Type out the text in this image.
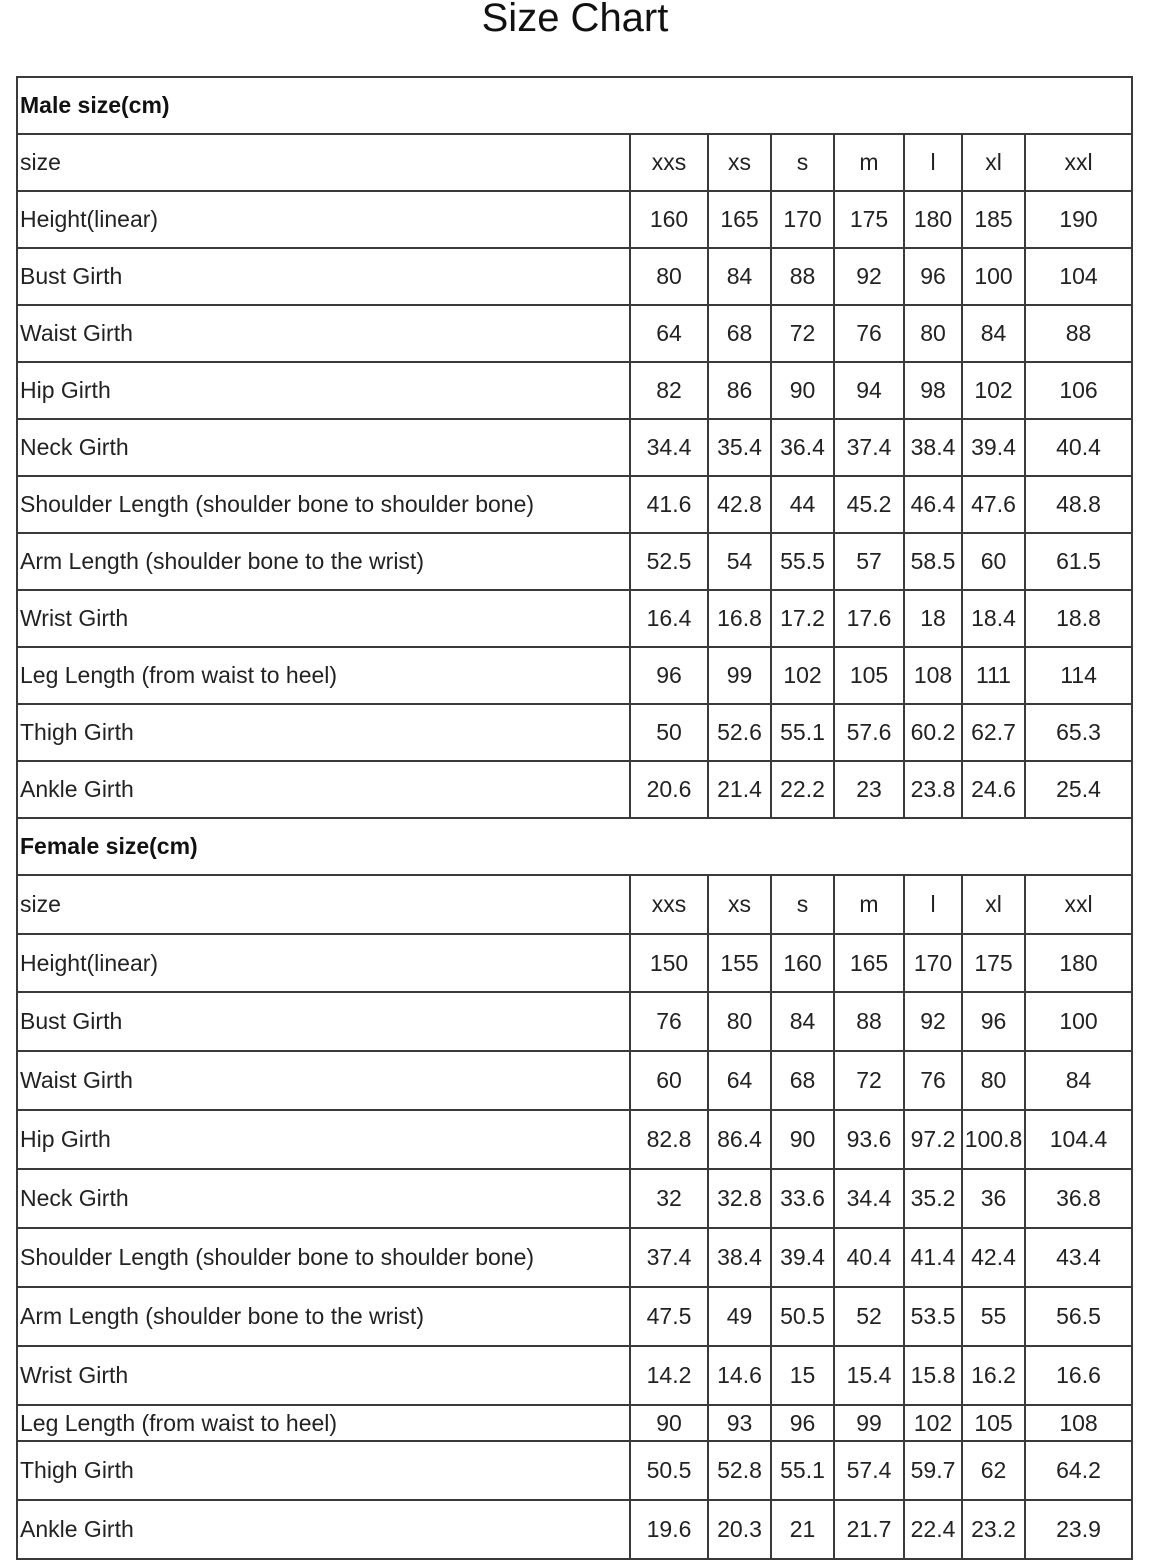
Size Chart
Male size(cm)							
size	xxs	xs	s	m	l	xl	xxl
Height(linear)	160	165	170	175	180	185	190
Bust Girth	80	84	88	92	96	100	104
Waist Girth	64	68	72	76	80	84	88
Hip Girth	82	86	90	94	98	102	106
Neck Girth	34.4	35.4	36.4	37.4	38.4	39.4	40.4
Shoulder Length (shoulder bone to shoulder bone)	41.6	42.8	44	45.2	46.4	47.6	48.8
Arm Length (shoulder bone to the wrist)	52.5	54	55.5	57	58.5	60	61.5
Wrist Girth	16.4	16.8	17.2	17.6	18	18.4	18.8
Leg Length (from waist to heel)	96	99	102	105	108	111	114
Thigh Girth	50	52.6	55.1	57.6	60.2	62.7	65.3
Ankle Girth	20.6	21.4	22.2	23	23.8	24.6	25.4
Female size(cm)							
size	xxs	xs	s	m	l	xl	xxl
Height(linear)	150	155	160	165	170	175	180
Bust Girth	76	80	84	88	92	96	100
Waist Girth	60	64	68	72	76	80	84
Hip Girth	82.8	86.4	90	93.6	97.2	100.8	104.4
Neck Girth	32	32.8	33.6	34.4	35.2	36	36.8
Shoulder Length (shoulder bone to shoulder bone)	37.4	38.4	39.4	40.4	41.4	42.4	43.4
Arm Length (shoulder bone to the wrist)	47.5	49	50.5	52	53.5	55	56.5
Wrist Girth	14.2	14.6	15	15.4	15.8	16.2	16.6
Leg Length (from waist to heel)	90	93	96	99	102	105	108
Thigh Girth	50.5	52.8	55.1	57.4	59.7	62	64.2
Ankle Girth	19.6	20.3	21	21.7	22.4	23.2	23.9
